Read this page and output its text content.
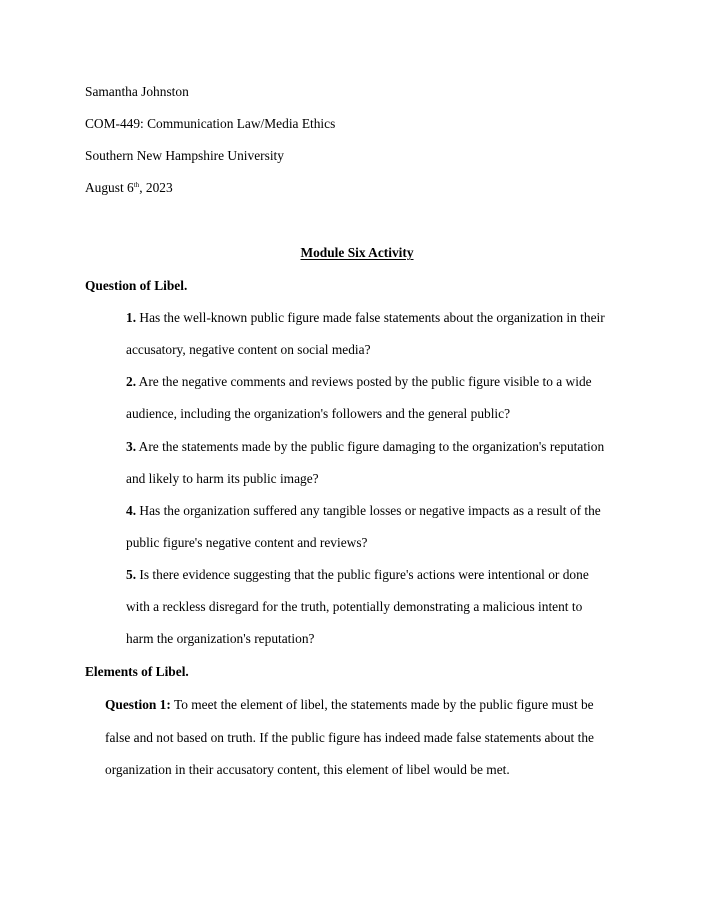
Samantha Johnston
COM-449: Communication Law/Media Ethics
Southern New Hampshire University
August 6th, 2023
Module Six Activity
Question of Libel.
1. Has the well-known public figure made false statements about the organization in their
accusatory, negative content on social media?
2. Are the negative comments and reviews posted by the public figure visible to a wide
audience, including the organization's followers and the general public?
3. Are the statements made by the public figure damaging to the organization's reputation
and likely to harm its public image?
4. Has the organization suffered any tangible losses or negative impacts as a result of the
public figure's negative content and reviews?
5. Is there evidence suggesting that the public figure's actions were intentional or done
with a reckless disregard for the truth, potentially demonstrating a malicious intent to
harm the organization's reputation?
Elements of Libel.
Question 1: To meet the element of libel, the statements made by the public figure must be
false and not based on truth. If the public figure has indeed made false statements about the
organization in their accusatory content, this element of libel would be met.
